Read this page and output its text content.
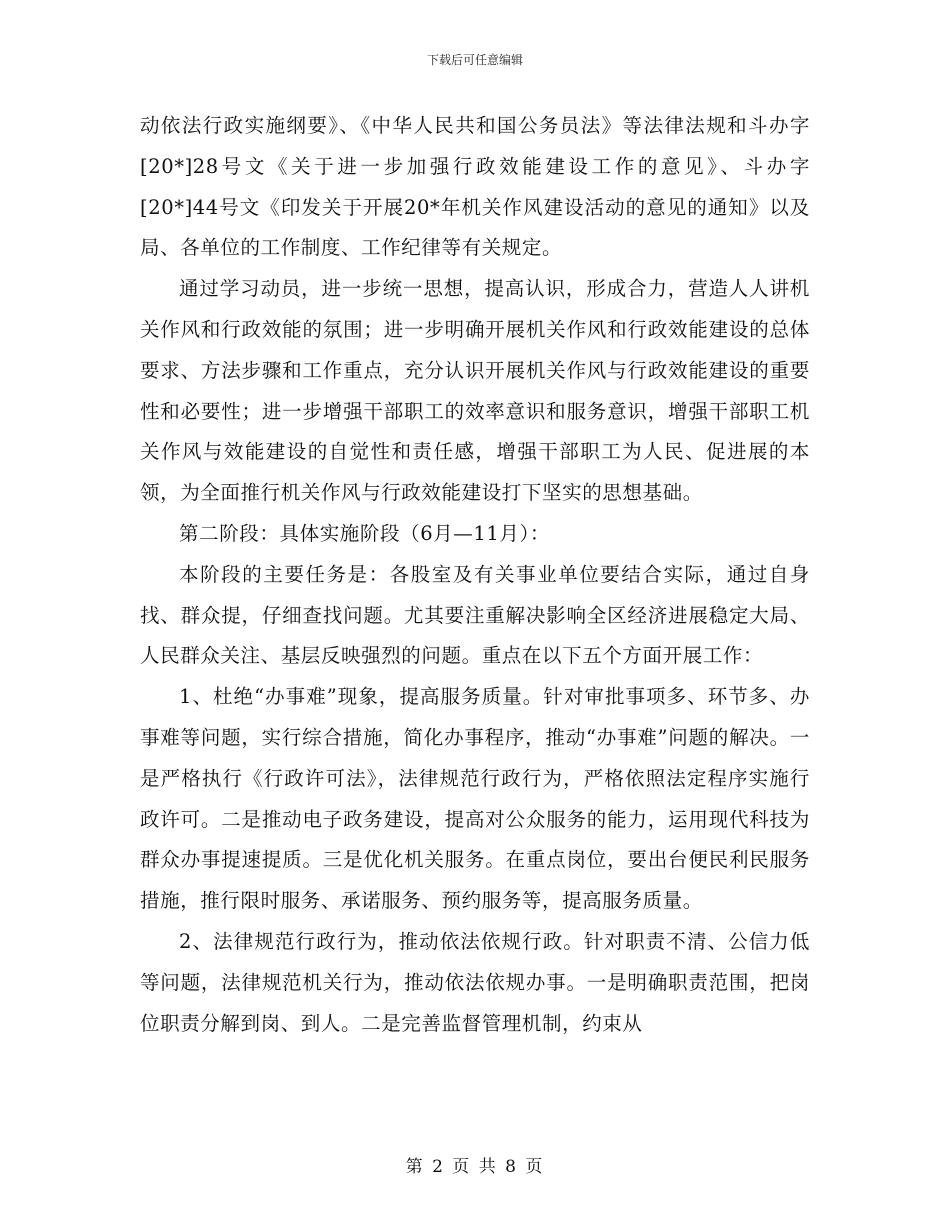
下载后可任意编辑

动依法行政实施纲要》、《中华人民共和国公务员法》等法律法规和斗办字[20*]28号文《关于进一步加强行政效能建设工作的意见》、斗办字[20*]44号文《印发关于开展20*年机关作风建设活动的意见的通知》以及局、各单位的工作制度、工作纪律等有关规定。

通过学习动员，进一步统一思想，提高认识，形成合力，营造人人讲机关作风和行政效能的氛围；进一步明确开展机关作风和行政效能建设的总体要求、方法步骤和工作重点，充分认识开展机关作风与行政效能建设的重要性和必要性；进一步增强干部职工的效率意识和服务意识，增强干部职工机关作风与效能建设的自觉性和责任感，增强干部职工为人民、促进展的本领，为全面推行机关作风与行政效能建设打下坚实的思想基础。

第二阶段：具体实施阶段（6月—11月）：

本阶段的主要任务是：各股室及有关事业单位要结合实际，通过自身找、群众提，仔细查找问题。尤其要注重解决影响全区经济进展稳定大局、人民群众关注、基层反映强烈的问题。重点在以下五个方面开展工作：

1、杜绝“办事难”现象，提高服务质量。针对审批事项多、环节多、办事难等问题，实行综合措施，简化办事程序，推动“办事难”问题的解决。一是严格执行《行政许可法》，法律规范行政行为，严格依照法定程序实施行政许可。二是推动电子政务建设，提高对公众服务的能力，运用现代科技为群众办事提速提质。三是优化机关服务。在重点岗位，要出台便民利民服务措施，推行限时服务、承诺服务、预约服务等，提高服务质量。

2、法律规范行政行为，推动依法依规行政。针对职责不清、公信力低等问题，法律规范机关行为，推动依法依规办事。一是明确职责范围，把岗位职责分解到岗、到人。二是完善监督管理机制，约束从

第 2 页 共 8 页
